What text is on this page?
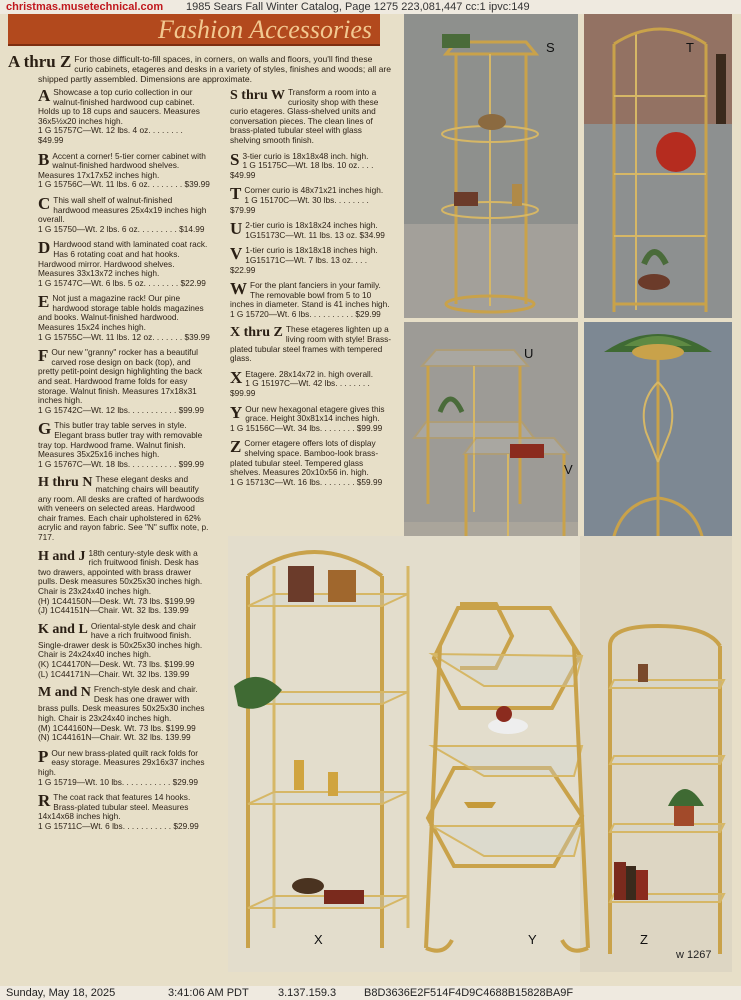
christmas.musetechnical.com 1985 Sears Fall Winter Catalog, Page 1275 223,081,447 cc:1 ipvc:149
Fashion Accessories
A thru Z For those difficult-to-fill spaces, in corners, on walls and floors, you'll find these curio cabinets, etageres and desks in a variety of styles, finishes and woods; all are shipped partly assembled. Dimensions are approximate.

A Showcase a top curio collection in our walnut-finished hardwood cup cabinet. Holds up to 18 cups and saucers. Measures 36x5½x20 inches high.
1 G 15757C—Wt. 12 lbs. 4 oz. . . . . . . . $49.99

B Accent a corner! 5-tier corner cabinet with walnut-finished hardwood shelves. Measures 17x17x52 inches high.
1 G 15756C—Wt. 11 lbs. 6 oz. . . . . . . . $39.99

C This wall shelf of walnut-finished hardwood measures 25x4x19 inches high overall.
1 G 15750—Wt. 2 lbs. 6 oz. . . . . . . . . $14.99

D Hardwood stand with laminated coat rack. Has 6 rotating coat and hat hooks. Hardwood mirror. Hardwood shelves. Measures 33x13x72 inches high.
1 G 15747C—Wt. 6 lbs. 5 oz. . . . . . . . $22.99

E Not just a magazine rack! Our pine hardwood storage table holds magazines and books. Walnut-finished hardwood. Measures 15x24 inches high.
1 G 15755C—Wt. 11 lbs. 12 oz. . . . . . . $39.99

F Our new "granny" rocker has a beautiful carved rose design on back (top), and pretty petit-point design highlighting the back and seat. Hardwood frame folds for easy storage. Walnut finish. Measures 17x18x31 inches high.
1 G 15742C—Wt. 12 lbs. . . . . . . . . . . $99.99

G This butler tray table serves in style. Elegant brass butler tray with removable tray top. Hardwood frame. Walnut finish. Measures 35x25x16 inches high.
1 G 15767C—Wt. 18 lbs. . . . . . . . . . . $99.99

H thru N These elegant desks and matching chairs will beautify any room. All desks are crafted of hardwoods with veneers on selected areas. Hardwood chair frames. Each chair upholstered in 62% acrylic and rayon fabric. See "N" suffix note, p. 717.

H and J 18th century-style desk with a rich fruitwood finish. Desk has two drawers, appointed with brass drawer pulls. Desk measures 50x25x30 inches high. Chair is 23x24x40 inches high.
(H) 1C44150N—Desk. Wt. 73 lbs. $199.99
(J) 1C44151N—Chair. Wt. 32 lbs. 139.99

K and L Oriental-style desk and chair have a rich fruitwood finish. Single-drawer desk is 50x25x30 inches high. Chair is 24x24x40 inches high.
(K) 1C44170N—Desk. Wt. 73 lbs. $199.99
(L) 1C44171N—Chair. Wt. 32 lbs. 139.99

M and N French-style desk and chair. Desk has one drawer with brass pulls. Desk measures 50x25x30 inches high. Chair is 23x24x40 inches high.
(M) 1C44160N—Desk. Wt. 73 lbs. $199.99
(N) 1C44161N—Chair. Wt. 32 lbs. 139.99

P Our new brass-plated quilt rack folds for easy storage. Measures 29x16x37 inches high.
1 G 15719—Wt. 10 lbs. . . . . . . . . . . $29.99

R The coat rack that features 14 hooks. Brass-plated tubular steel. Measures 14x14x68 inches high.
1 G 15711C—Wt. 6 lbs. . . . . . . . . . . $29.99

S thru W Transform a room into a curiosity shop with these curio etageres. Glass-shelved units and conversation pieces. The clean lines of brass-plated tubular steel with glass shelving smooth finish.

S 3-tier curio is 18x18x48 inch. high.
1 G 15175C—Wt. 18 lbs. 10 oz. . . . $49.99

T Corner curio is 48x71x21 inches high.
1 G 15170C—Wt. 30 lbs. . . . . . . . $79.99

U 2-tier curio is 18x18x24 inches high.
1G15173C—Wt. 11 lbs. 13 oz. $34.99

V 1-tier curio is 18x18x18 inches high.
1G15171C—Wt. 7 lbs. 13 oz. . . . $22.99

W For the plant fanciers in your family. The removable bowl from 5 to 10 inches in diameter. Stand is 41 inches high.
1 G 15720—Wt. 6 lbs. . . . . . . . . . $29.99

X thru Z These etageres lighten up a living room with style! Brass-plated tubular steel frames with tempered glass.

X Etagere. 28x14x72 in. high overall.
1 G 15197C—Wt. 42 lbs. . . . . . . . $99.99

Y Our new hexagonal etagere gives this grace. Height 30x81x14 inches high.
1 G 15156C—Wt. 34 lbs. . . . . . . . $99.99

Z Corner etagere offers lots of display shelving space. Bamboo-look brass-plated tubular steel. Tempered glass shelves. Measures 20x10x56 in. high.
1 G 15713C—Wt. 16 lbs. . . . . . . . $59.99

S	T
U
V
X	Y	Z
w 1267
Sunday, May 18, 2025	3:41:06 AM PDT	3.137.159.3	B8D3636E2F514F4D9C4688B15828BA9F
